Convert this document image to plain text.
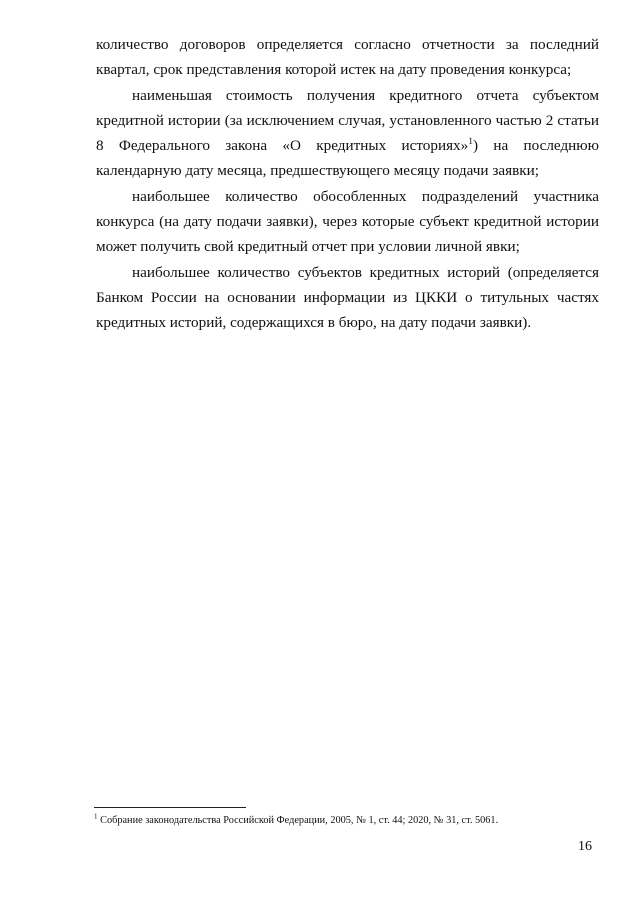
количество договоров определяется согласно отчетности за последний квартал, срок представления которой истек на дату проведения конкурса;

наименьшая стоимость получения кредитного отчета субъектом кредитной истории (за исключением случая, установленного частью 2 статьи 8 Федерального закона «О кредитных историях»$^1$) на последнюю календарную дату месяца, предшествующего месяцу подачи заявки;

наибольшее количество обособленных подразделений участника конкурса (на дату подачи заявки), через которые субъект кредитной истории может получить свой кредитный отчет при условии личной явки;

наибольшее количество субъектов кредитных историй (определяется Банком России на основании информации из ЦККИ о титульных частях кредитных историй, содержащихся в бюро, на дату подачи заявки).

$^1$ Собрание законодательства Российской Федерации, 2005, № 1, ст. 44; 2020, № 31, ст. 5061.
16
